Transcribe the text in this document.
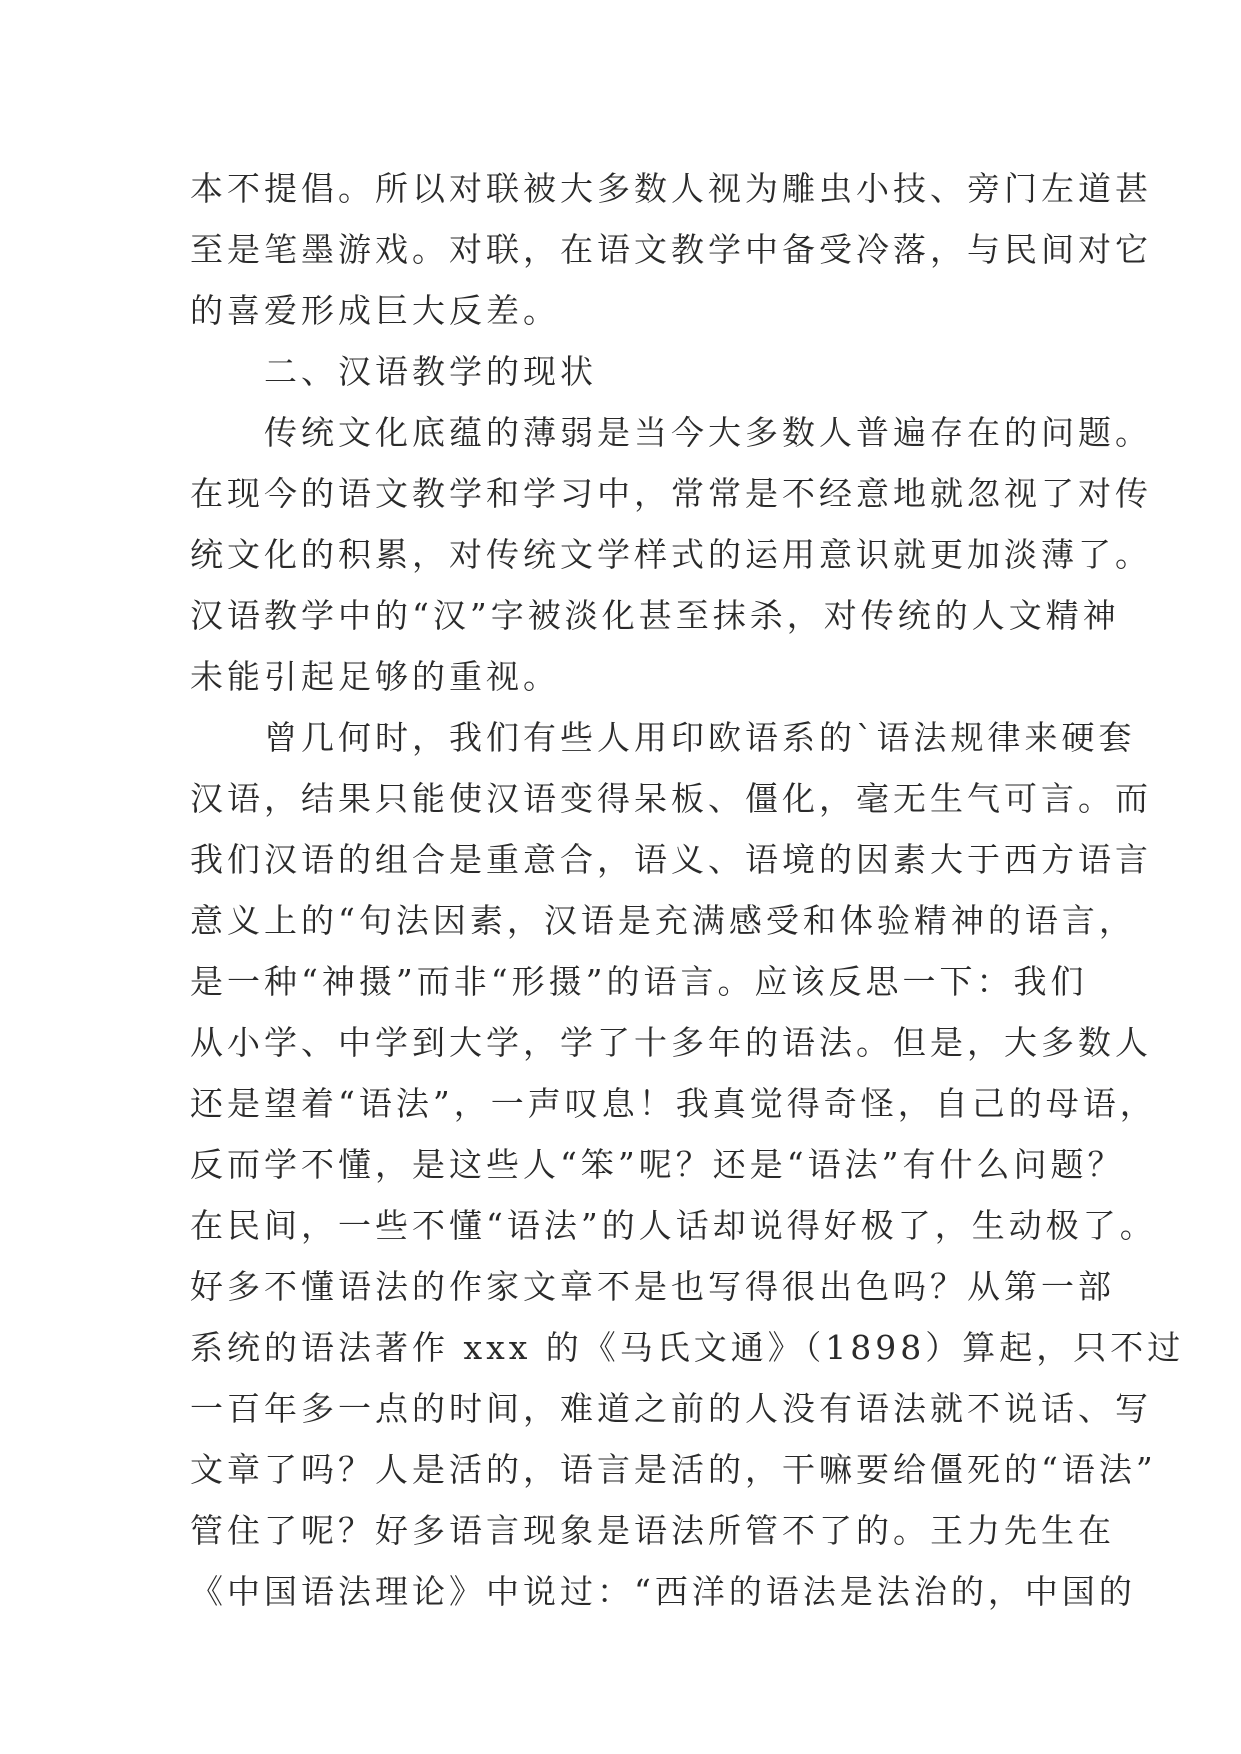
本不提倡。所以对联被大多数人视为雕虫小技、旁门左道甚
至是笔墨游戏。对联，在语文教学中备受冷落，与民间对它
的喜爱形成巨大反差。
　　二、汉语教学的现状
　　传统文化底蕴的薄弱是当今大多数人普遍存在的问题。
在现今的语文教学和学习中，常常是不经意地就忽视了对传
统文化的积累，对传统文学样式的运用意识就更加淡薄了。
汉语教学中的“汉”字被淡化甚至抹杀，对传统的人文精神
未能引起足够的重视。
　　曾几何时，我们有些人用印欧语系的`语法规律来硬套
汉语，结果只能使汉语变得呆板、僵化，毫无生气可言。而
我们汉语的组合是重意合，语义、语境的因素大于西方语言
意义上的“句法因素，汉语是充满感受和体验精神的语言，
是一种“神摄”而非“形摄”的语言。应该反思一下：我们
从小学、中学到大学，学了十多年的语法。但是，大多数人
还是望着“语法”，一声叹息！我真觉得奇怪，自己的母语，
反而学不懂，是这些人“笨”呢？还是“语法”有什么问题？
在民间，一些不懂“语法”的人话却说得好极了，生动极了。
好多不懂语法的作家文章不是也写得很出色吗？从第一部
系统的语法著作 xxx 的《马氏文通》（1898）算起，只不过
一百年多一点的时间，难道之前的人没有语法就不说话、写
文章了吗？人是活的，语言是活的，干嘛要给僵死的“语法”
管住了呢？好多语言现象是语法所管不了的。王力先生在
《中国语法理论》中说过：“西洋的语法是法治的，中国的
